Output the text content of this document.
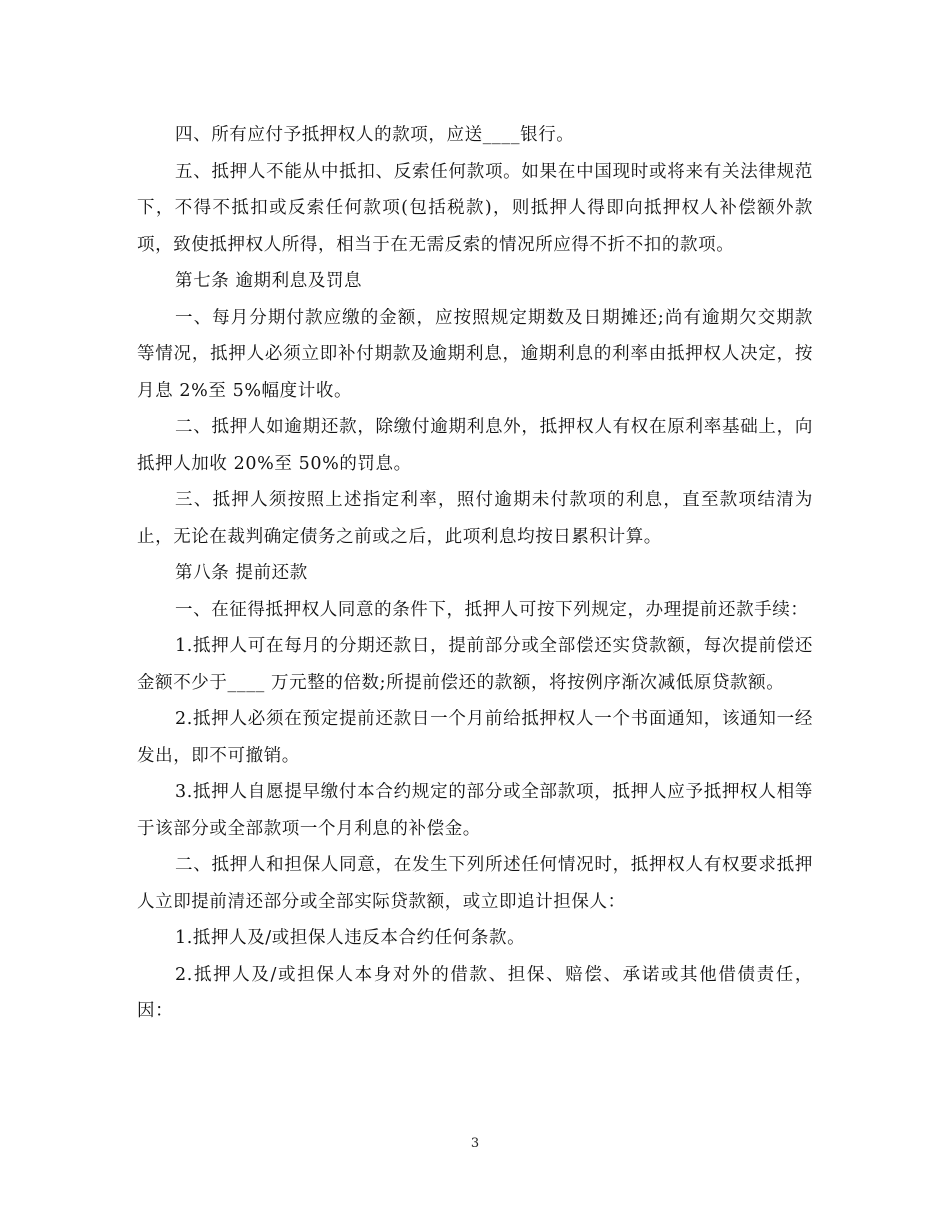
四、所有应付予抵押权人的款项，应送____银行。

五、抵押人不能从中抵扣、反索任何款项。如果在中国现时或将来有关法律规范下，不得不抵扣或反索任何款项(包括税款)，则抵押人得即向抵押权人补偿额外款项，致使抵押权人所得，相当于在无需反索的情况所应得不折不扣的款项。

第七条 逾期利息及罚息

一、每月分期付款应缴的金额，应按照规定期数及日期摊还;尚有逾期欠交期款等情况，抵押人必须立即补付期款及逾期利息，逾期利息的利率由抵押权人决定，按月息 2%至 5%幅度计收。

二、抵押人如逾期还款，除缴付逾期利息外，抵押权人有权在原利率基础上，向抵押人加收 20%至 50%的罚息。

三、抵押人须按照上述指定利率，照付逾期未付款项的利息，直至款项结清为止，无论在裁判确定债务之前或之后，此项利息均按日累积计算。

第八条 提前还款

一、在征得抵押权人同意的条件下，抵押人可按下列规定，办理提前还款手续：

1.抵押人可在每月的分期还款日，提前部分或全部偿还实贷款额，每次提前偿还金额不少于____ 万元整的倍数;所提前偿还的款额，将按例序渐次减低原贷款额。

2.抵押人必须在预定提前还款日一个月前给抵押权人一个书面通知，该通知一经发出，即不可撤销。

3.抵押人自愿提早缴付本合约规定的部分或全部款项，抵押人应予抵押权人相等于该部分或全部款项一个月利息的补偿金。

二、抵押人和担保人同意，在发生下列所述任何情况时，抵押权人有权要求抵押人立即提前清还部分或全部实际贷款额，或立即追计担保人：

1.抵押人及/或担保人违反本合约任何条款。

2.抵押人及/或担保人本身对外的借款、担保、赔偿、承诺或其他借债责任，因：

3
